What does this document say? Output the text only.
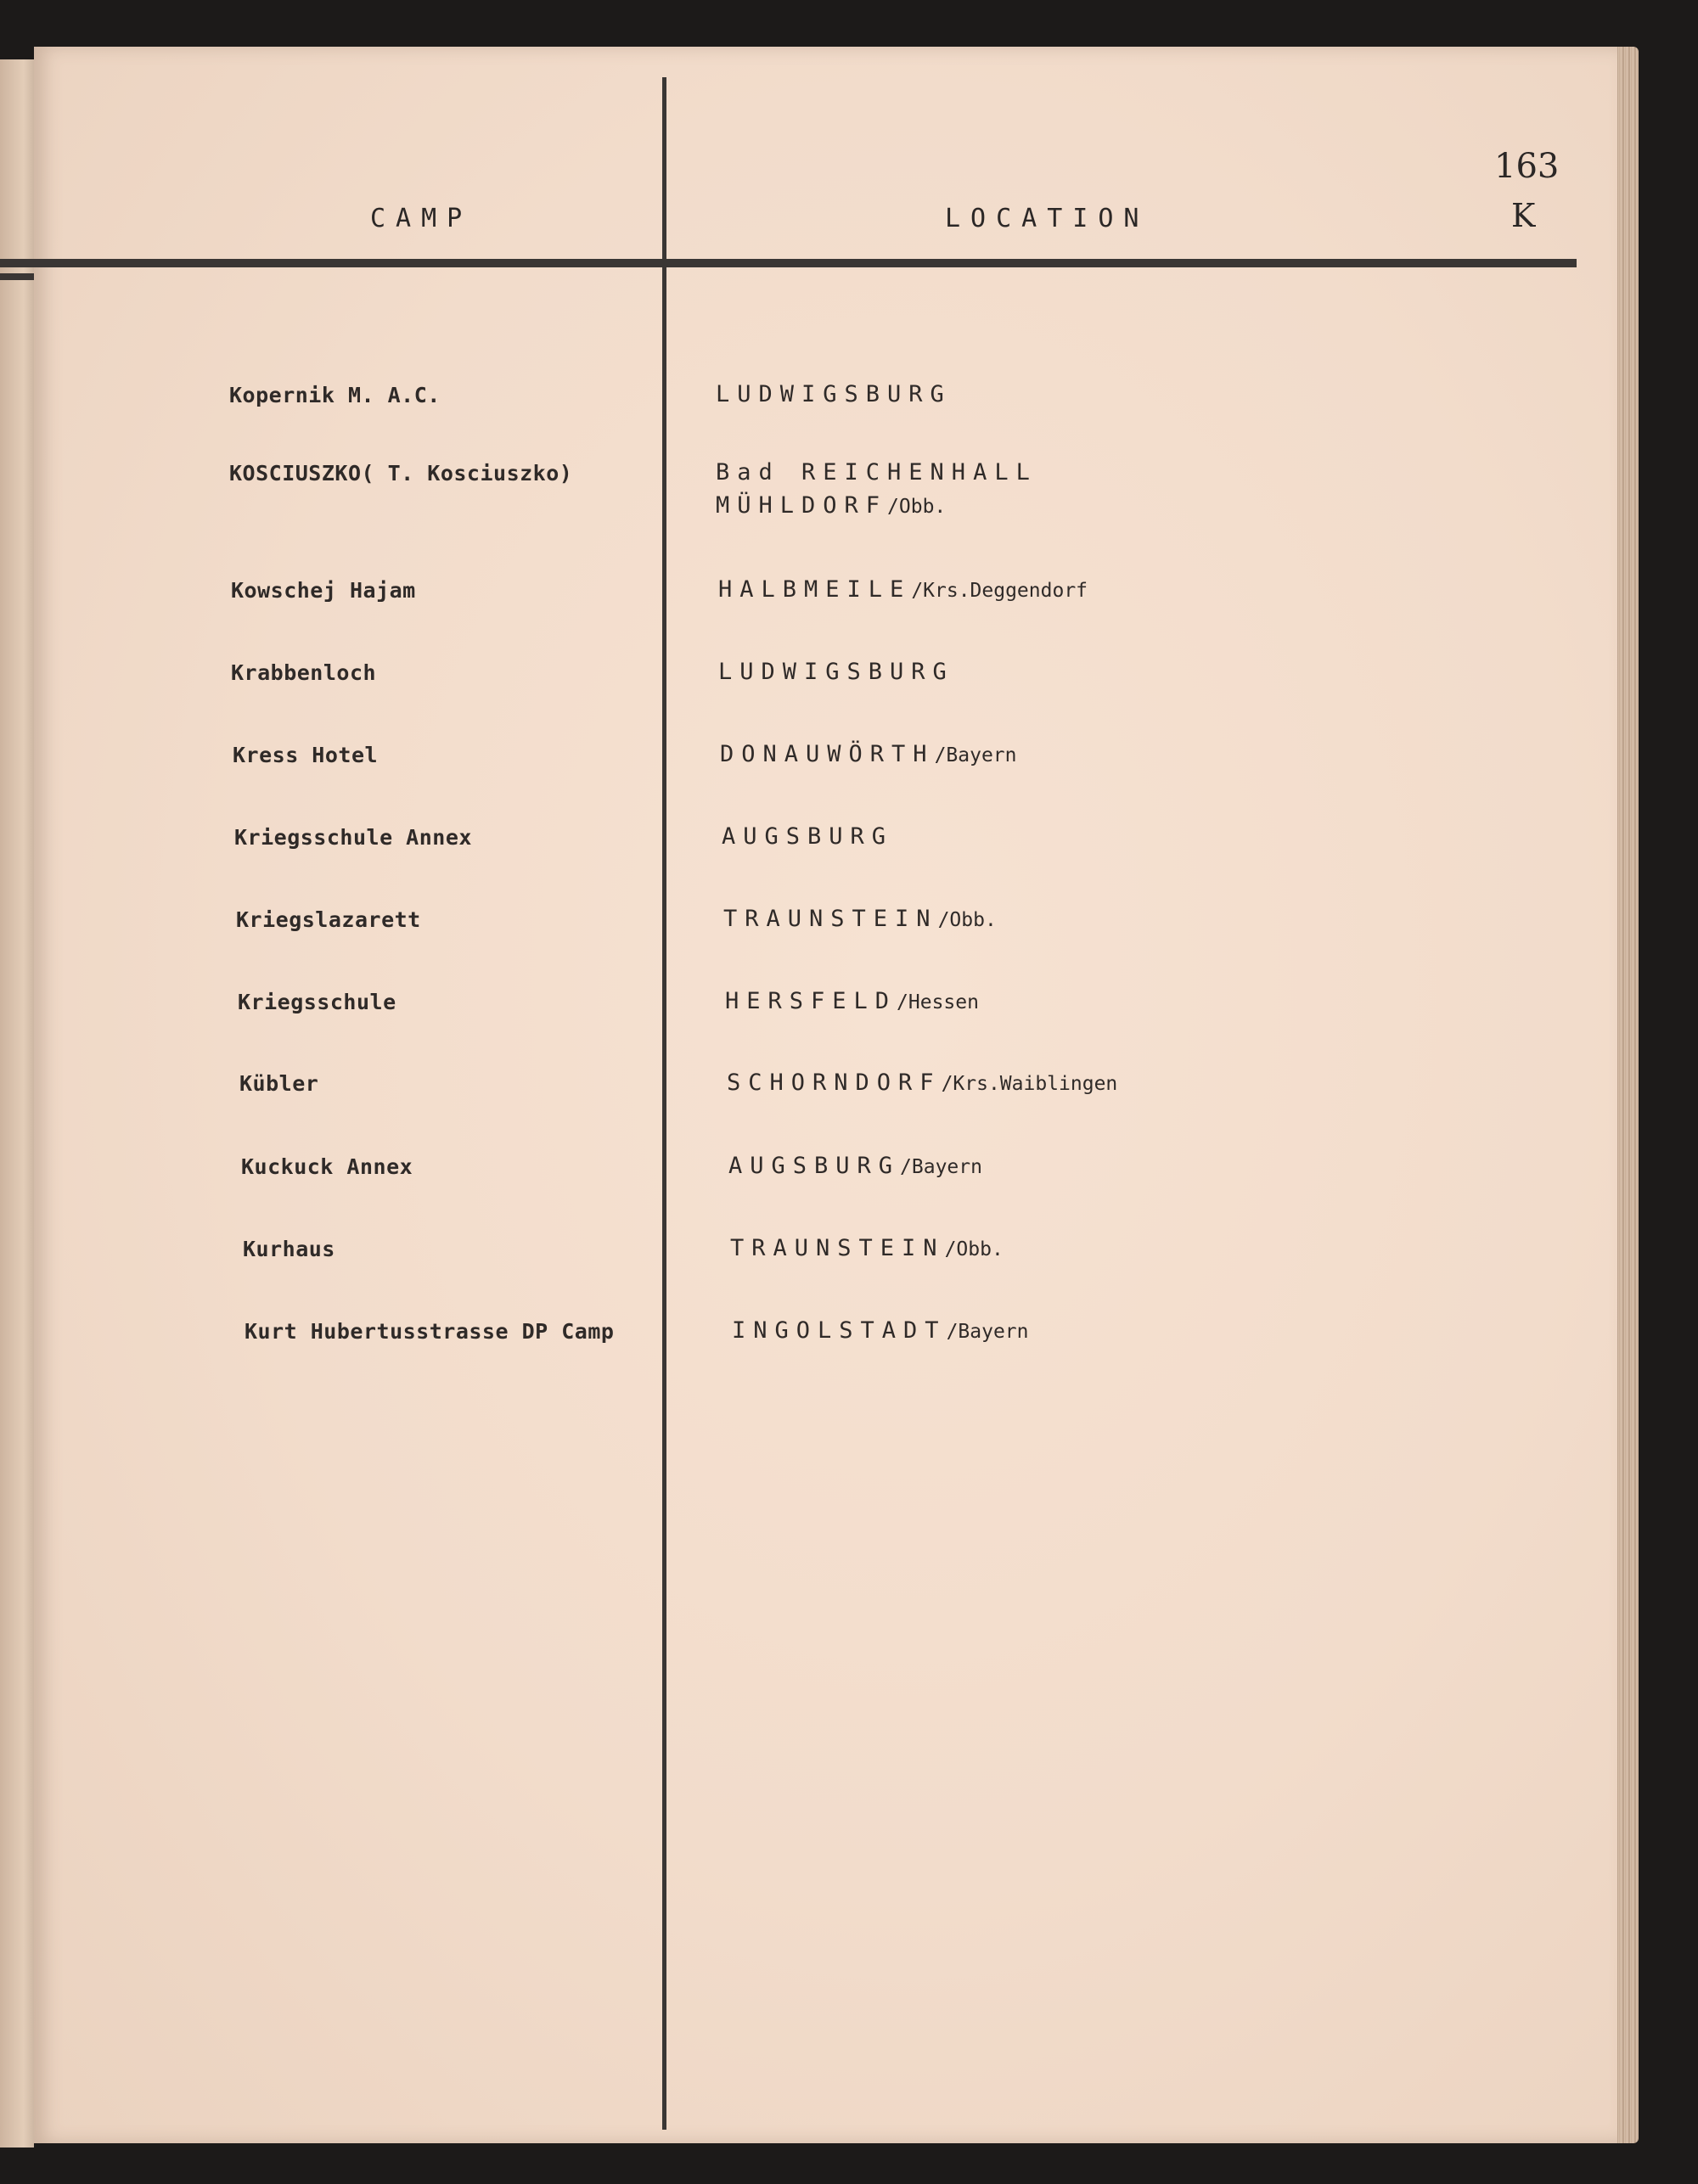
CAMP	LOCATION
163
K
Kopernik M. A.C.	LUDWIGSBURG
KOSCIUSZKO( T. Kosciuszko)	Bad REICHENHALL
MÜHLDORF/Obb.
Kowschej Hajam	HALBMEILE/Krs.Deggendorf
Krabbenloch	LUDWIGSBURG
Kress Hotel	DONAUWÖRTH/Bayern
Kriegsschule Annex	AUGSBURG
Kriegslazarett	TRAUNSTEIN/Obb.
Kriegsschule	HERSFELD/Hessen
Kübler	SCHORNDORF/Krs.Waiblingen
Kuckuck Annex	AUGSBURG/Bayern
Kurhaus	TRAUNSTEIN/Obb.
Kurt Hubertusstrasse DP Camp	INGOLSTADT/Bayern
